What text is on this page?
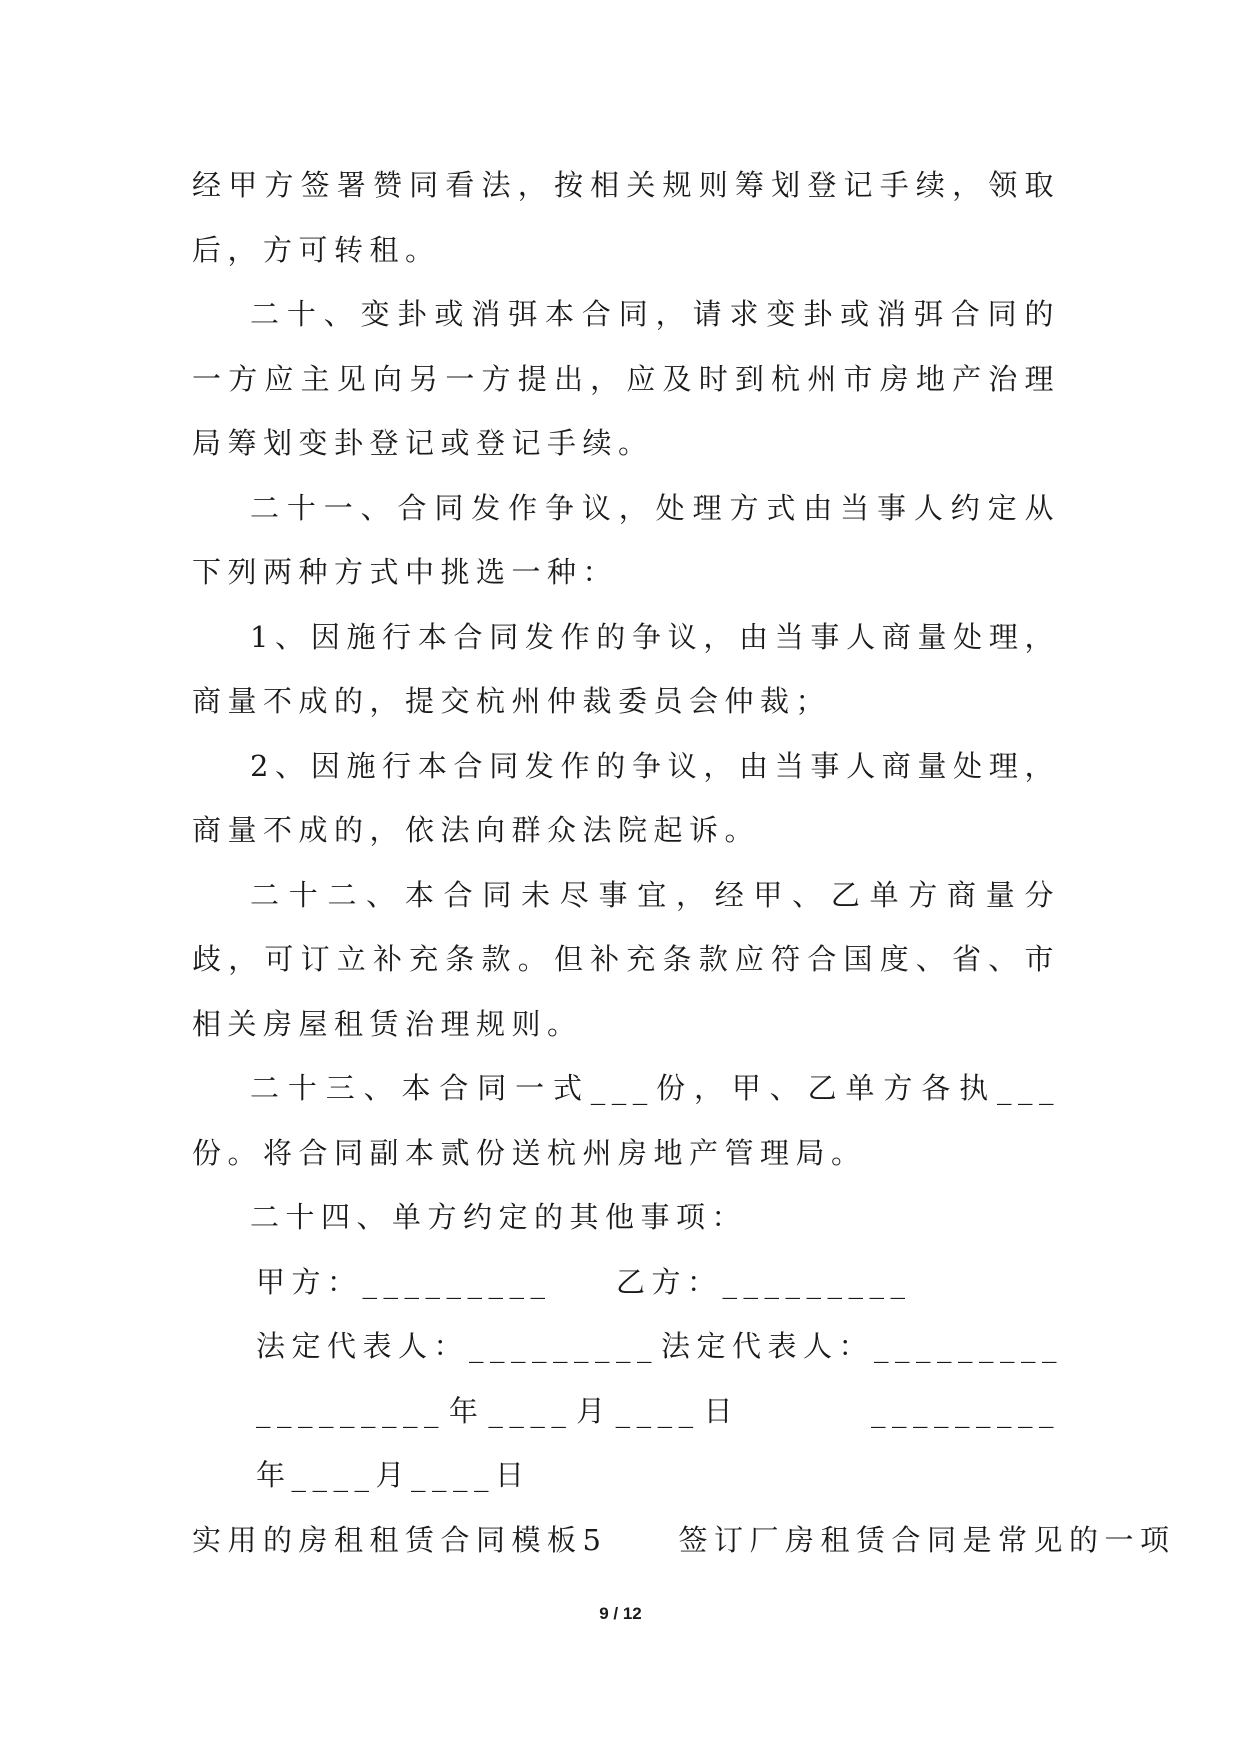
经甲方签署赞同看法，按相关规则筹划登记手续，领取后，方可转租。

二十、变卦或消弭本合同，请求变卦或消弭合同的一方应主见向另一方提出，应及时到杭州市房地产治理局筹划变卦登记或登记手续。

二十一、合同发作争议，处理方式由当事人约定从下列两种方式中挑选一种：

1、因施行本合同发作的争议，由当事人商量处理，商量不成的，提交杭州仲裁委员会仲裁；

2、因施行本合同发作的争议，由当事人商量处理，商量不成的，依法向群众法院起诉。

二十二、本合同未尽事宜，经甲、乙单方商量分歧，可订立补充条款。但补充条款应符合国度、省、市相关房屋租赁治理规则。

二十三、本合同一式___份，甲、乙单方各执___份。将合同副本贰份送杭州房地产管理局。

二十四、单方约定的其他事项：

甲方：_________ 乙方：_________

法定代表人：_________ 法定代表人：_________

_________年____月____日	_________年____月____日

实用的房租租赁合同模板5　　签订厂房租赁合同是常见的一项

9 / 12
